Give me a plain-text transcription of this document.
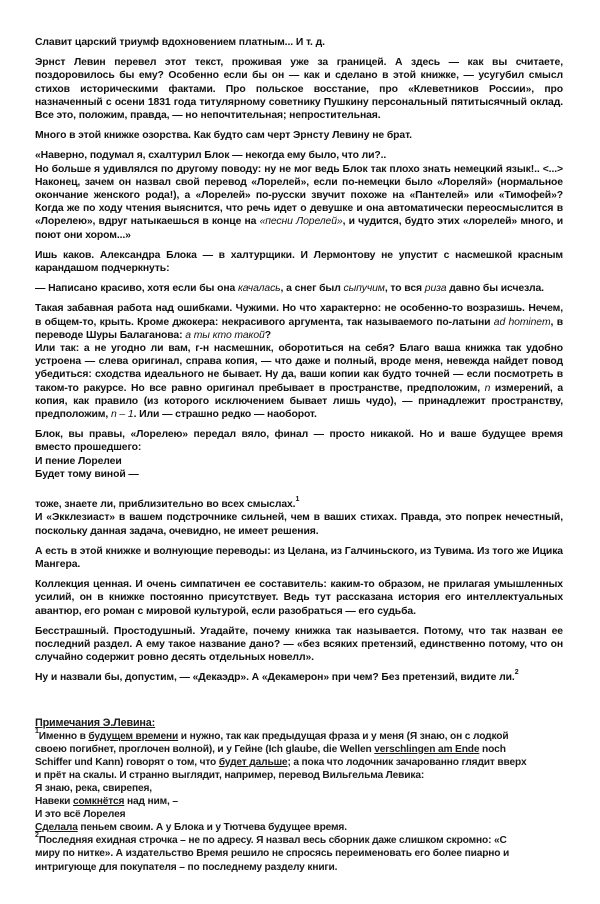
Славит царский триумф вдохновением платным... И т. д.
Эрнст Левин перевел этот текст, проживая уже за границей. А здесь — как вы считаете, поздоровилось бы ему? Особенно если бы он — как и сделано в этой книжке, — усугубил смысл стихов историческими фактами. Про польское восстание, про «Клеветников России», про назначенный с осени 1831 года титулярному советнику Пушкину персональный пятитысячный оклад. Все это, положим, правда, — но непочтительная; непростительная.
Много в этой книжке озорства. Как будто сам черт Эрнсту Левину не брат.
«Наверно, подумал я, схалтурил Блок — некогда ему было, что ли?..
Но больше я удивлялся по другому поводу: ну не мог ведь Блок так плохо знать немецкий язык!.. <...> Наконец, зачем он назвал свой перевод «Лорелей», если по-немецки было «Лореляй» (нормальное окончание женского рода!), а «Лорелей» по-русски звучит похоже на «Пантелей» или «Тимофей»? Когда же по ходу чтения выяснится, что речь идет о девушке и она автоматически переосмыслится в «Лорелею», вдруг натыкаешься в конце на «песни Лорелей», и чудится, будто этих «лорелей» много, и поют они хором...»
Ишь каков. Александра Блока — в халтурщики. И Лермонтову не упустит с насмешкой красным карандашом подчеркнуть:
— Написано красиво, хотя если бы она качалась, а снег был сыпучим, то вся риза давно бы исчезла.
Такая забавная работа над ошибками. Чужими. Но что характерно: не особенно-то возразишь. Нечем, в общем-то, крыть. Кроме джокера: некрасивого аргумента, так называемого по-латыни ad hominem, в переводе Шуры Балаганова: а ты кто такой?
Или так: а не угодно ли вам, г-н насмешник, оборотиться на себя? Благо ваша книжка так удобно устроена — слева оригинал, справа копия, — что даже и полный, вроде меня, невежда найдет повод убедиться: сходства идеального не бывает. Ну да, ваши копии как будто точней — если посмотреть в таком-то ракурсе. Но все равно оригинал пребывает в пространстве, предположим, n измерений, а копия, как правило (из которого исключением бывает лишь чудо), — принадлежит пространству, предположим, n – 1. Или — страшно редко — наоборот.
Блок, вы правы, «Лорелею» передал вяло, финал — просто никакой. Но и ваше будущее время вместо прошедшего:
И пение Лорелеи
Будет тому виной —
тоже, знаете ли, приблизительно во всех смыслах.$^1$
И «Экклезиаст» в вашем подстрочнике сильней, чем в ваших стихах. Правда, это попрек нечестный, поскольку данная задача, очевидно, не имеет решения.
А есть в этой книжке и волнующие переводы: из Целана, из Галчиньского, из Тувима. Из того же Ицика Мангера.
Коллекция ценная. И очень симпатичен ее составитель: каким-то образом, не прилагая умышленных усилий, он в книжке постоянно присутствует. Ведь тут рассказана история его интеллектуальных авантюр, его роман с мировой культурой, если разобраться — его судьба.
Бесстрашный. Простодушный. Угадайте, почему книжка так называется. Потому, что так назван ее последний раздел. А ему такое название дано? — «без всяких претензий, единственно потому, что он случайно содержит ровно десять отдельных новелл».
Ну и назвали бы, допустим, — «Декаэдр». А «Декамерон» при чем? Без претензий, видите ли.$^2$
Примечания Э.Левина:
$^1$Именно в будущем времени и нужно, так как предыдущая фраза и у меня (Я знаю, он с лодкой
своею погибнет, проглочен волной), и у Гейне (Ich glaube, die Wellen verschlingen am Ende noch
Schiffer und Kann) говорят о том, что будет дальше; а пока что лодочник зачарованно глядит вверх
и прёт на скалы. И странно выглядит, например, перевод Вильгельма Левика:
Я знаю, река, свирепея,
Навеки сомкнётся над ним, –
И это всё Лорелея
Сделала пеньем своим. А у Блока и у Тютчева будущее время.
$^2$Последняя ехидная строчка – не по адресу. Я назвал весь сборник даже слишком скромно: «С
миру по нитке». А издательство Время решило не спросясь переименовать его более пиарно и
интригующе для покупателя – по последнему разделу книги.
